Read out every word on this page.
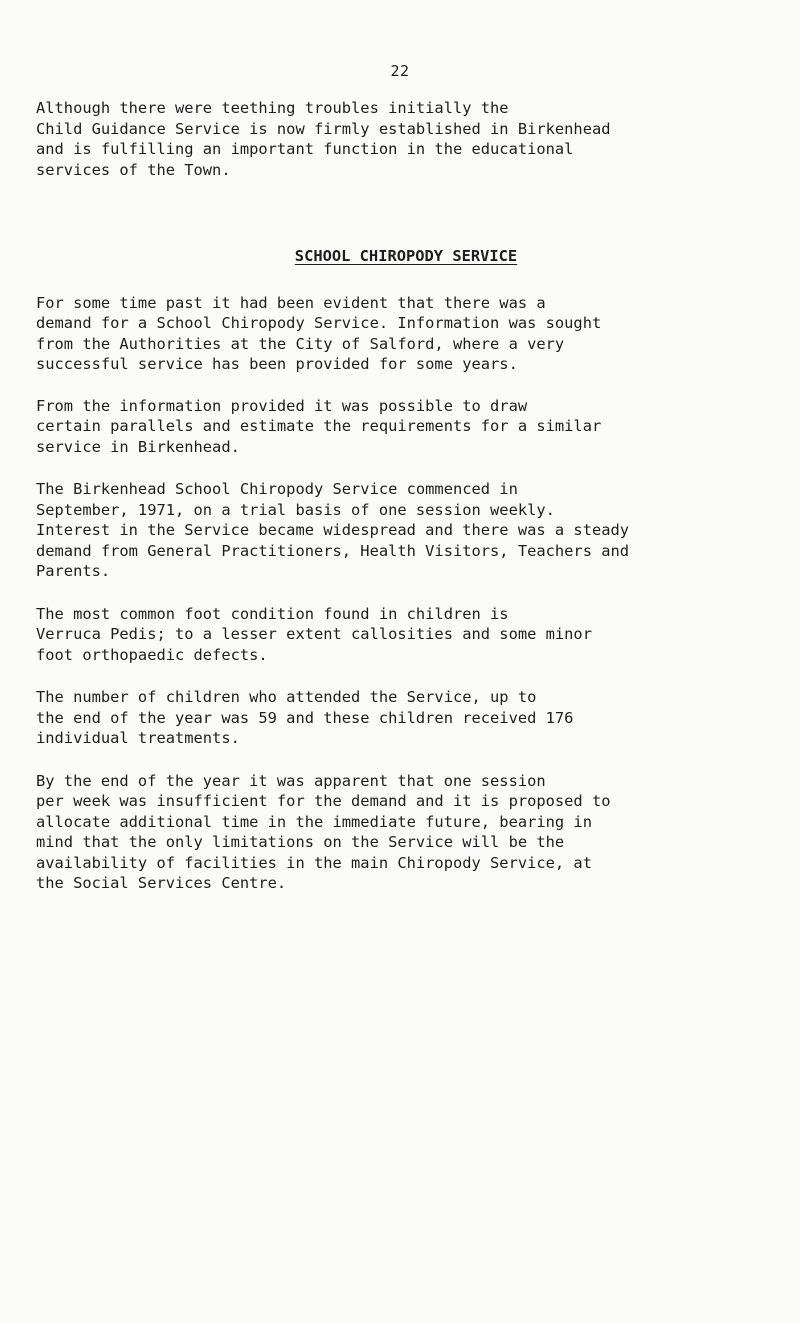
22

Although there were teething troubles initially the
Child Guidance Service is now firmly established in Birkenhead
and is fulfilling an important function in the educational
services of the Town.

SCHOOL CHIROPODY SERVICE

For some time past it had been evident that there was a
demand for a School Chiropody Service. Information was sought
from the Authorities at the City of Salford, where a very
successful service has been provided for some years.

From the information provided it was possible to draw
certain parallels and estimate the requirements for a similar
service in Birkenhead.

The Birkenhead School Chiropody Service commenced in
September, 1971, on a trial basis of one session weekly.
Interest in the Service became widespread and there was a steady
demand from General Practitioners, Health Visitors, Teachers and
Parents.

The most common foot condition found in children is
Verruca Pedis; to a lesser extent callosities and some minor
foot orthopaedic defects.

The number of children who attended the Service, up to
the end of the year was 59 and these children received 176
individual treatments.

By the end of the year it was apparent that one session
per week was insufficient for the demand and it is proposed to
allocate additional time in the immediate future, bearing in
mind that the only limitations on the Service will be the
availability of facilities in the main Chiropody Service, at
the Social Services Centre.
